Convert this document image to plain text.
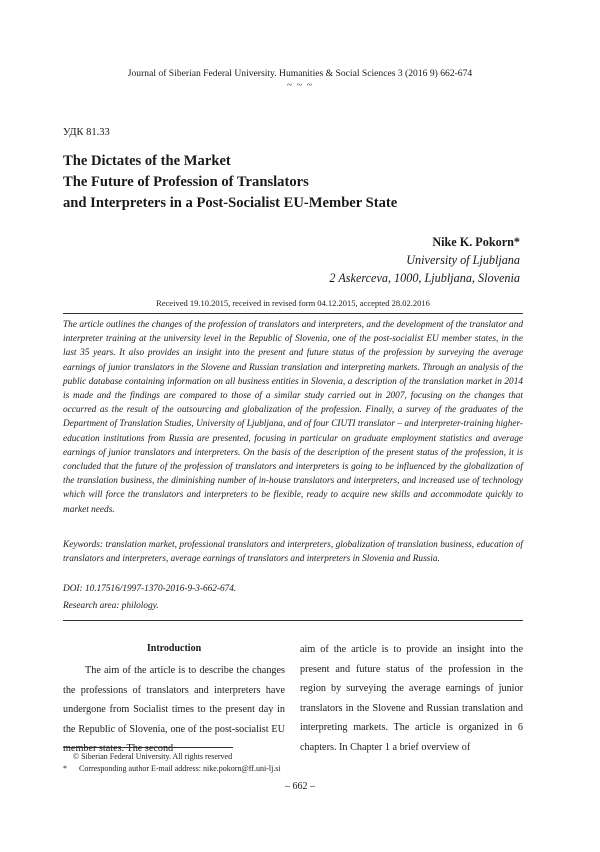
Journal of Siberian Federal University. Humanities & Social Sciences 3 (2016 9) 662-674
~ ~ ~
УДК 81.33
The Dictates of the Market
The Future of Profession of Translators
and Interpreters in a Post-Socialist EU-Member State
Nike K. Pokorn*
University of Ljubljana
2 Askerceva, 1000, Ljubljana, Slovenia
Received 19.10.2015, received in revised form 04.12.2015, accepted 28.02.2016
The article outlines the changes of the profession of translators and interpreters, and the development of the translator and interpreter training at the university level in the Republic of Slovenia, one of the post-socialist EU member states, in the last 35 years. It also provides an insight into the present and future status of the profession by surveying the average earnings of junior translators in the Slovene and Russian translation and interpreting markets. Through an analysis of the public database containing information on all business entities in Slovenia, a description of the translation market in 2014 is made and the findings are compared to those of a similar study carried out in 2007, focusing on the changes that occurred as the result of the outsourcing and globalization of the profession. Finally, a survey of the graduates of the Department of Translation Studies, University of Ljubljana, and of four CIUTI translator – and interpreter-training higher-education institutions from Russia are presented, focusing in particular on graduate employment statistics and average earnings of junior translators and interpreters. On the basis of the description of the present status of the profession, it is concluded that the future of the profession of translators and interpreters is going to be influenced by the globalization of the translation business, the diminishing number of in-house translators and interpreters, and increased use of technology which will force the translators and interpreters to be flexible, ready to acquire new skills and accommodate quickly to market needs.
Keywords: translation market, professional translators and interpreters, globalization of translation business, education of translators and interpreters, average earnings of translators and interpreters in Slovenia and Russia.
DOI: 10.17516/1997-1370-2016-9-3-662-674.
Research area: philology.
Introduction

The aim of the article is to describe the changes the professions of translators and interpreters have undergone from Socialist times to the present day in the Republic of Slovenia, one of the post-socialist EU member states. The second

aim of the article is to provide an insight into the present and future status of the profession in the region by surveying the average earnings of junior translators in the Slovene and Russian translation and interpreting markets. The article is organized in 6 chapters. In Chapter 1 a brief overview of

© Siberian Federal University. All rights reserved
* Corresponding author E-mail address: nike.pokorn@ff.uni-lj.si
– 662 –
